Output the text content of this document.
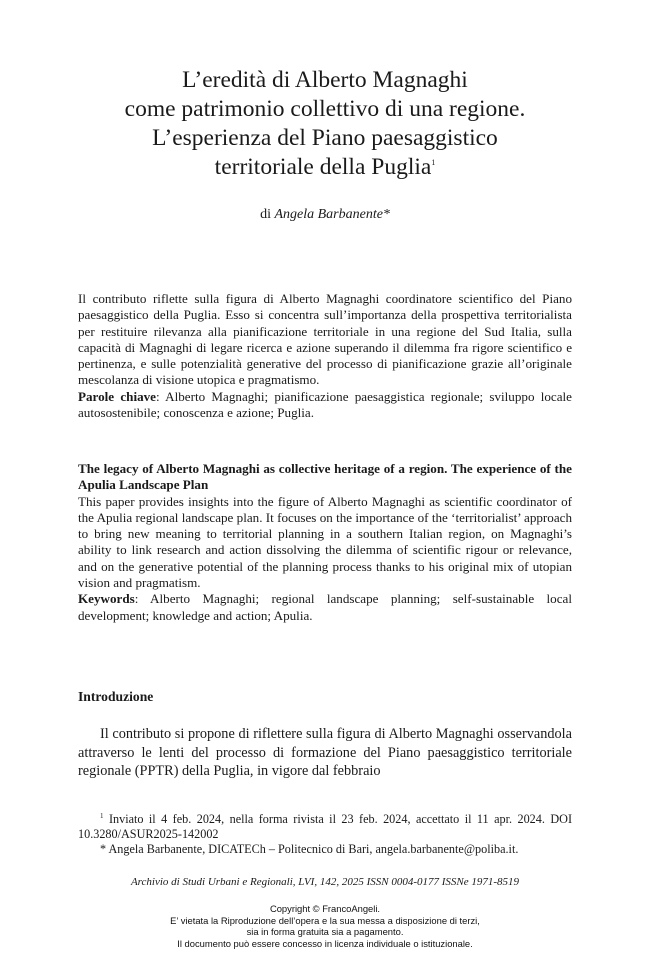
L’eredità di Alberto Magnaghi
come patrimonio collettivo di una regione.
L’esperienza del Piano paesaggistico
territoriale della Puglia$^1$
di Angela Barbanente*

Il contributo riflette sulla figura di Alberto Magnaghi coordinatore scientifico del Piano paesaggistico della Puglia. Esso si concentra sull’importanza della prospettiva territorialista per restituire rilevanza alla pianificazione territoriale in una regione del Sud Italia, sulla capacità di Magnaghi di legare ricerca e azione superando il dilemma fra rigore scientifico e pertinenza, e sulle potenzialità generative del processo di pianificazione grazie all’originale mescolanza di visione utopica e pragmatismo.
Parole chiave: Alberto Magnaghi; pianificazione paesaggistica regionale; sviluppo locale autosostenibile; conoscenza e azione; Puglia.

The legacy of Alberto Magnaghi as collective heritage of a region. The experience of the Apulia Landscape Plan
This paper provides insights into the figure of Alberto Magnaghi as scientific coordinator of the Apulia regional landscape plan. It focuses on the importance of the ‘territorialist’ approach to bring new meaning to territorial planning in a southern Italian region, on Magnaghi’s ability to link research and action dissolving the dilemma of scientific rigour or relevance, and on the generative potential of the planning process thanks to his original mix of utopian vision and pragmatism.
Keywords: Alberto Magnaghi; regional landscape planning; self-sustainable local development; knowledge and action; Apulia.

Introduzione

Il contributo si propone di riflettere sulla figura di Alberto Magnaghi osservandola attraverso le lenti del processo di formazione del Piano paesaggistico territoriale regionale (PPTR) della Puglia, in vigore dal febbraio

$^1$ Inviato il 4 feb. 2024, nella forma rivista il 23 feb. 2024, accettato il 11 apr. 2024. DOI 10.3280/ASUR2025-142002

* Angela Barbanente, DICATECh – Politecnico di Bari, angela.barbanente@poliba.it.

Archivio di Studi Urbani e Regionali, LVI, 142, 2025 ISSN 0004-0177 ISSNe 1971-8519
Copyright © FrancoAngeli.
E’ vietata la Riproduzione dell’opera e la sua messa a disposizione di terzi,
sia in forma gratuita sia a pagamento.
Il documento può essere concesso in licenza individuale o istituzionale.
